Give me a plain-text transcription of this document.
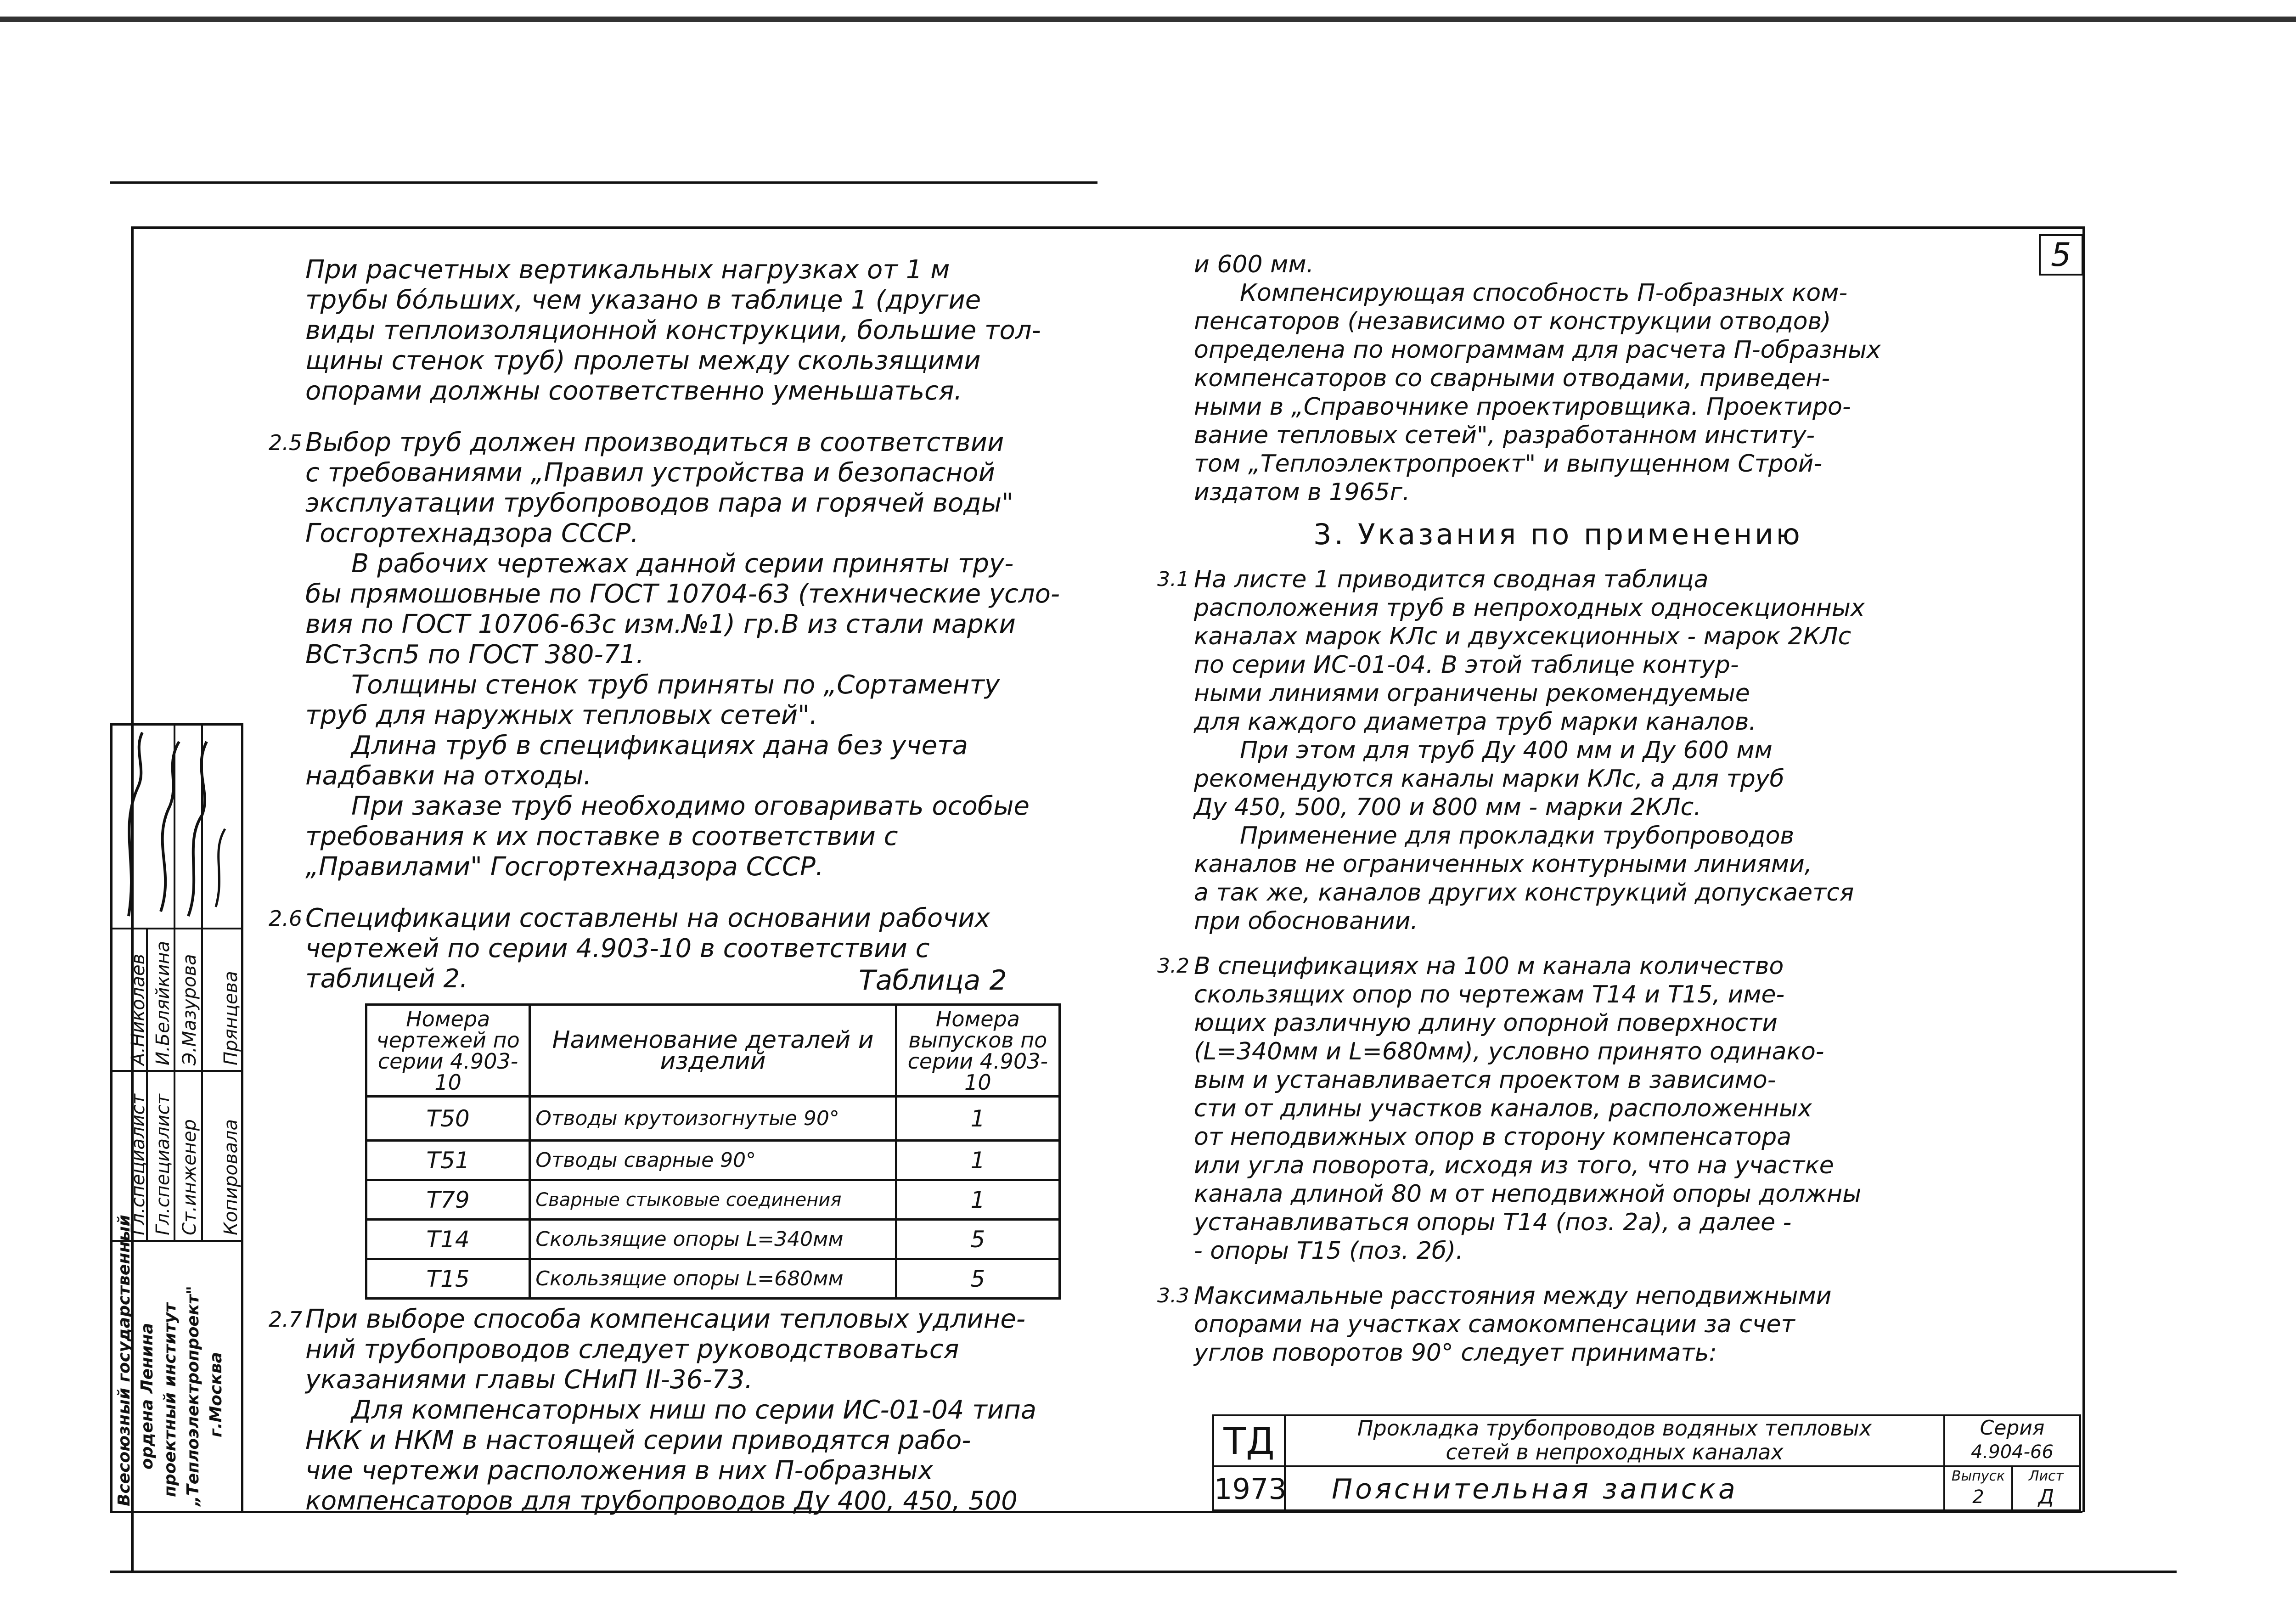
5

При расчетных вертикальных нагрузках от 1 м

трубы бо́льших, чем указано в таблице 1 (другие

виды теплоизоляционной конструкции, большие тол-

щины стенок труб) пролеты между скользящими

опорами должны соответственно уменьшаться.

2.5 Выбор труб должен производиться в соответствии

с требованиями „Правил устройства и безопасной

эксплуатации трубопроводов пара и горячей воды"

Госгортехнадзора СССР.

В рабочих чертежах данной серии приняты тру-

бы прямошовные по ГОСТ 10704-63 (технические усло-

вия по ГОСТ 10706-63с изм.№1) гр.В из стали марки

ВСт3сп5 по ГОСТ 380-71.

Толщины стенок труб приняты по „Сортаменту

труб для наружных тепловых сетей".

Длина труб в спецификациях дана без учета

надбавки на отходы.

При заказе труб необходимо оговаривать особые

требования к их поставке в соответствии с

„Правилами" Госгортехнадзора СССР.

2.6 Спецификации составлены на основании рабочих

чертежей по серии 4.903-10 в соответствии с

таблицей 2.	Таблица 2
Номера чертежей по серии 4.903-10	Наименование деталей и изделий	Номера выпусков по серии 4.903-10
Т50	Отводы крутоизогнутые 90°	1
Т51	Отводы сварные 90°	1
Т79	Сварные стыковые соединения	1
Т14	Скользящие опоры L=340мм	5
Т15	Скользящие опоры L=680мм	5
2.7 При выборе способа компенсации тепловых удлине-

ний трубопроводов следует руководствоваться

указаниями главы СНиП II-36-73.

Для компенсаторных ниш по серии ИС-01-04 типа

НКК и НКМ в настоящей серии приводятся рабо-

чие чертежи расположения в них П-образных

компенсаторов для трубопроводов Ду 400, 450, 500

и 600 мм.

Компенсирующая способность П-образных ком-

пенсаторов (независимо от конструкции отводов)

определена по номограммам для расчета П-образных

компенсаторов со сварными отводами, приведен-

ными в „Справочнике проектировщика. Проектиро-

вание тепловых сетей", разработанном институ-

том „Теплоэлектропроект" и выпущенном Строй-

издатом в 1965г.

3. Указания по применению

3.1 На листе 1 приводится сводная таблица

расположения труб в непроходных односекционных

каналах марок КЛс и двухсекционных - марок 2КЛс

по серии ИС-01-04. В этой таблице контур-

ными линиями ограничены рекомендуемые

для каждого диаметра труб марки каналов.

При этом для труб Ду 400 мм и Ду 600 мм

рекомендуются каналы марки КЛс, а для труб

Ду 450, 500, 700 и 800 мм - марки 2КЛс.

Применение для прокладки трубопроводов

каналов не ограниченных контурными линиями,

а так же, каналов других конструкций допускается

при обосновании.

3.2 В спецификациях на 100 м канала количество

скользящих опор по чертежам Т14 и Т15, име-

ющих различную длину опорной поверхности

(L=340мм и L=680мм), условно принято одинако-

вым и устанавливается проектом в зависимо-

сти от длины участков каналов, расположенных

от неподвижных опор в сторону компенсатора

или угла поворота, исходя из того, что на участке

канала длиной 80 м от неподвижной опоры должны

устанавливаться опоры Т14 (поз. 2а), а далее -

- опоры Т15 (поз. 2б).

3.3 Максимальные расстояния между неподвижными

опорами на участках самокомпенсации за счет

углов поворотов 90° следует принимать:

ТД
1973
Прокладка трубопроводов водяных тепловых
сетей в непроходных каналах
Пояснительная записка
Серия
4.904-66
Выпуск
2
Лист
Д
Всесоюзный государственный ордена Ленина проектный институт „Теплоэлектропроект" г.Москва
Гл.специалист Гл.специалист Ст.инженер Копировала
А.Николаев И.Беляйкина Э.Мазурова Прянцева
